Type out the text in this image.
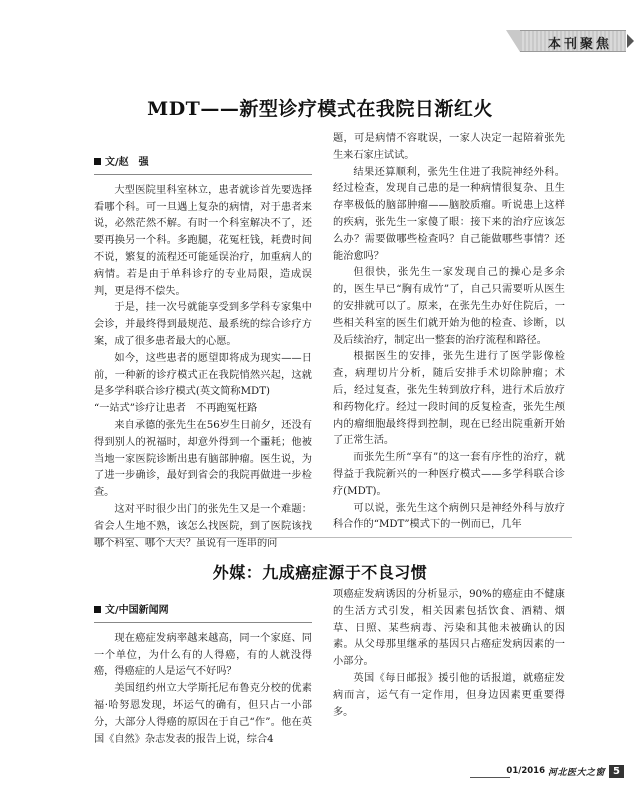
本刊聚焦
MDT——新型诊疗模式在我院日渐红火
文/赵　强

大型医院里科室林立，患者就诊首先要选择看哪个科。可一旦遇上复杂的病情，对于患者来说，必然茫然不解。有时一个科室解决不了，还要再换另一个科。多跑腿，花冤枉钱，耗费时间不说，繁复的流程还可能延误治疗，加重病人的病情。若是由于单科诊疗的专业局限，造成误判，更是得不偿失。

于是，挂一次号就能享受到多学科专家集中会诊，并最终得到最规范、最系统的综合诊疗方案，成了很多患者最大的心愿。

如今，这些患者的愿望即将成为现实——日前，一种新的诊疗模式正在我院悄然兴起，这就是多学科联合诊疗模式(英文简称MDT)

“一站式”诊疗让患者　不再跑冤枉路

来自承德的张先生在56岁生日前夕，还没有得到别人的祝福时，却意外得到一个噩耗；他被当地一家医院诊断出患有脑部肿瘤。医生说，为了进一步确诊，最好到省会的我院再做进一步检查。

这对平时很少出门的张先生又是一个难题：省会人生地不熟，该怎么找医院，到了医院该找哪个科室、哪个大夫？虽说有一连串的问

题，可是病情不容耽误，一家人决定一起陪着张先生来石家庄试试。

结果还算顺利，张先生住进了我院神经外科。经过检查，发现自己患的是一种病情很复杂、且生存率极低的脑部肿瘤——脑胶质瘤。听说患上这样的疾病，张先生一家傻了眼：接下来的治疗应该怎么办？需要做哪些检查吗？自己能做哪些事情？还能治愈吗？

但很快，张先生一家发现自己的操心是多余的，医生早已“胸有成竹”了，自己只需要听从医生的安排就可以了。原来，在张先生办好住院后，一些相关科室的医生们就开始为他的检查、诊断，以及后续治疗，制定出一整套的治疗流程和路径。

根据医生的安排，张先生进行了医学影像检查，病理切片分析，随后安排手术切除肿瘤；术后，经过复查，张先生转到放疗科，进行术后放疗和药物化疗。经过一段时间的反复检查，张先生颅内的瘤细胞最终得到控制，现在已经出院重新开始了正常生活。

而张先生所“享有”的这一套有序性的治疗，就得益于我院新兴的一种医疗模式——多学科联合诊疗(MDT)。

可以说，张先生这个病例只是神经外科与放疗科合作的“MDT”模式下的一例而已，几年

外媒：九成癌症源于不良习惯
文/中国新闻网

现在癌症发病率越来越高，同一个家庭、同一个单位，为什么有的人得癌，有的人就没得癌，得癌症的人是运气不好吗？

美国纽约州立大学斯托尼布鲁克分校的优素福·哈努恩发现，坏运气的确有，但只占一小部分，大部分人得癌的原因在于自己“作”。他在英国《自然》杂志发表的报告上说，综合4

项癌症发病诱因的分析显示，90%的癌症由不健康的生活方式引发，相关因素包括饮食、酒精、烟草、日照、某些病毒、污染和其他未被确认的因素。从父母那里继承的基因只占癌症发病因素的一小部分。

英国《每日邮报》援引他的话报道，就癌症发病而言，运气有一定作用，但身边因素更重要得多。

01/2016 河北医大之窗 5
